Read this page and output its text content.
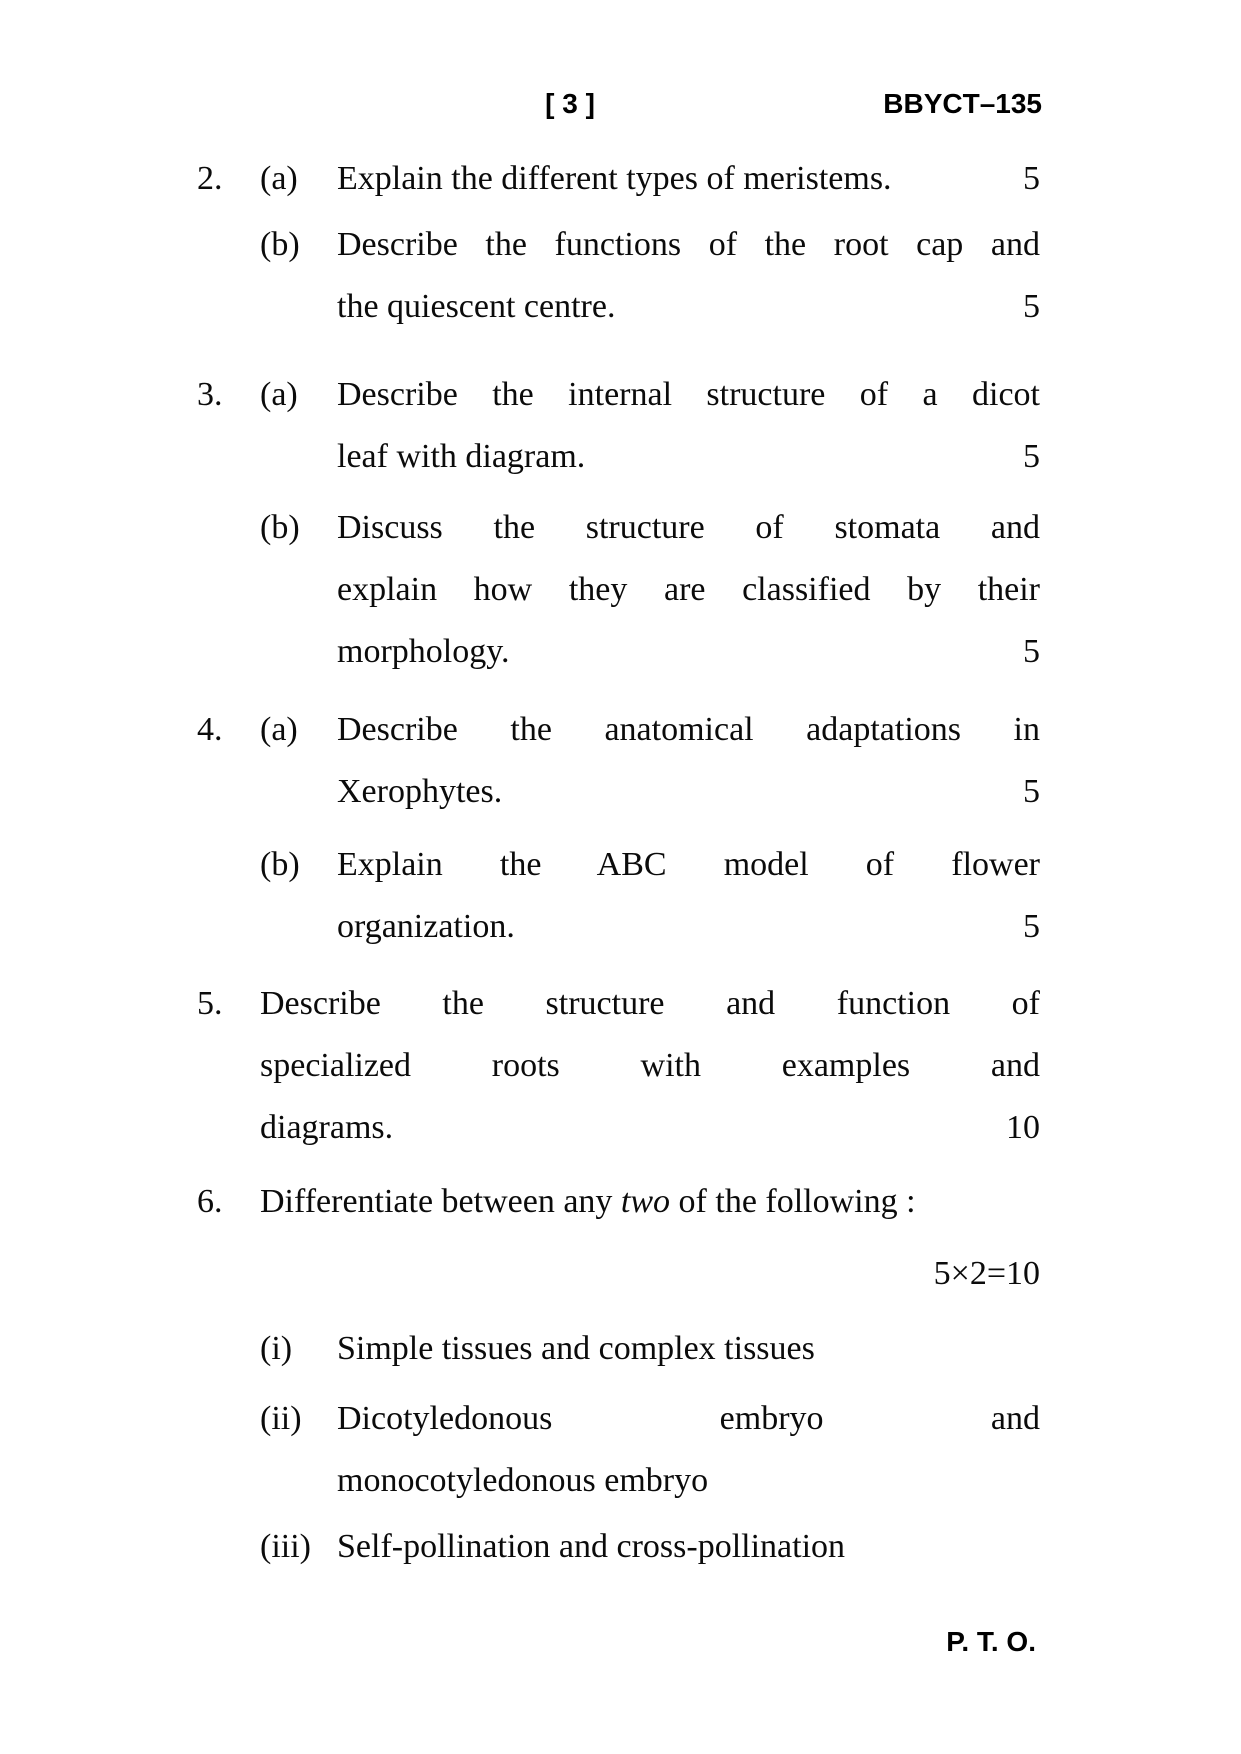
[ 3 ]	BBYCT–135
2.	(a)	Explain the different types of meristems.	5
(b)	Describe the functions of the root cap and
the quiescent centre.	5
3.	(a)	Describe the internal structure of a dicot
leaf with diagram.	5
(b)	Discuss the structure of stomata and
explain how they are classified by their
morphology.	5
4.	(a)	Describe the anatomical adaptations in
Xerophytes.	5
(b)	Explain the ABC model of flower
organization.	5
5.	Describe the structure and function of
specialized roots with examples and
diagrams.	10
6.	Differentiate between any two of the following :
5×2=10
(i)	Simple tissues and complex tissues
(ii)	Dicotyledonous embryo and
monocotyledonous embryo
(iii) Self-pollination and cross-pollination
P. T. O.
